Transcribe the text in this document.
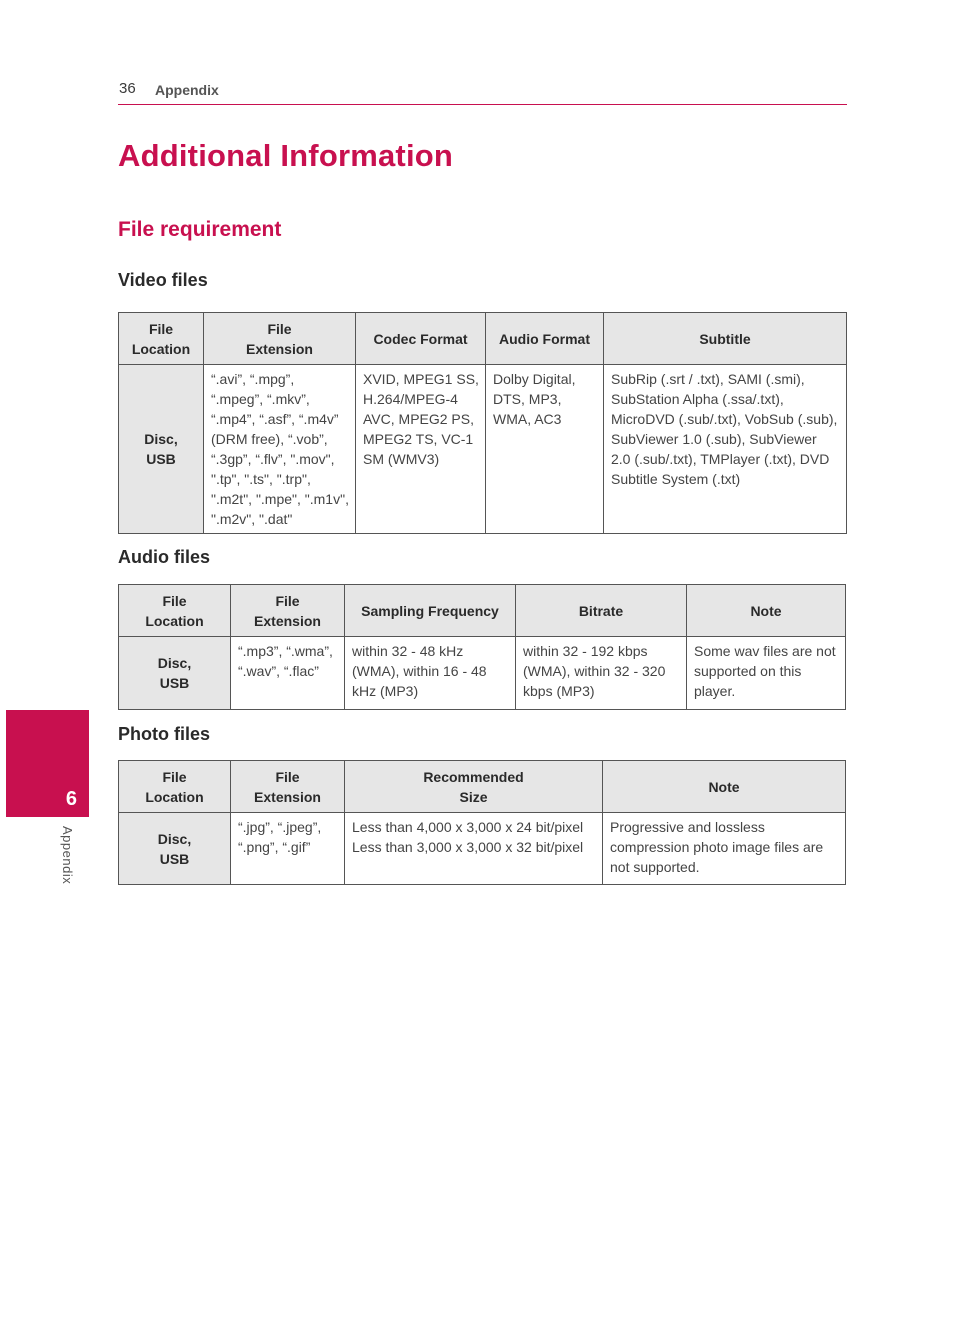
36 Appendix
Additional Information
File requirement
Video files
File
Location	File
Extension	Codec Format	Audio Format	Subtitle
Disc,
USB	“.avi”, “.mpg”, “.mpeg”, “.mkv”, “.mp4”, “.asf”, “.m4v” (DRM free), “.vob”, “.3gp”, “.flv”, ".mov", ".tp", ".ts", ".trp", ".m2t", ".mpe", ".m1v", ".m2v", ".dat"	XVID, MPEG1 SS, H.264/MPEG-4 AVC, MPEG2 PS, MPEG2 TS, VC-1 SM (WMV3)	Dolby Digital, DTS, MP3, WMA, AC3	SubRip (.srt / .txt), SAMI (.smi), SubStation Alpha (.ssa/.txt), MicroDVD (.sub/.txt), VobSub (.sub), SubViewer 1.0 (.sub), SubViewer 2.0 (.sub/.txt), TMPlayer (.txt), DVD Subtitle System (.txt)
Audio files
File
Location	File
Extension	Sampling Frequency	Bitrate	Note
Disc,
USB	“.mp3”, “.wma”, “.wav”, “.flac”	within 32 - 48 kHz (WMA), within 16 - 48 kHz (MP3)	within 32 - 192 kbps (WMA), within 32 - 320 kbps (MP3)	Some wav files are not supported on this player.
Photo files
File
Location	File
Extension	Recommended
Size	Note
Disc,
USB	“.jpg”, “.jpeg”, “.png”, “.gif”	Less than 4,000 x 3,000 x 24 bit/pixel
Less than 3,000 x 3,000 x 32 bit/pixel	Progressive and lossless compression photo image files are not supported.
6
Appendix
